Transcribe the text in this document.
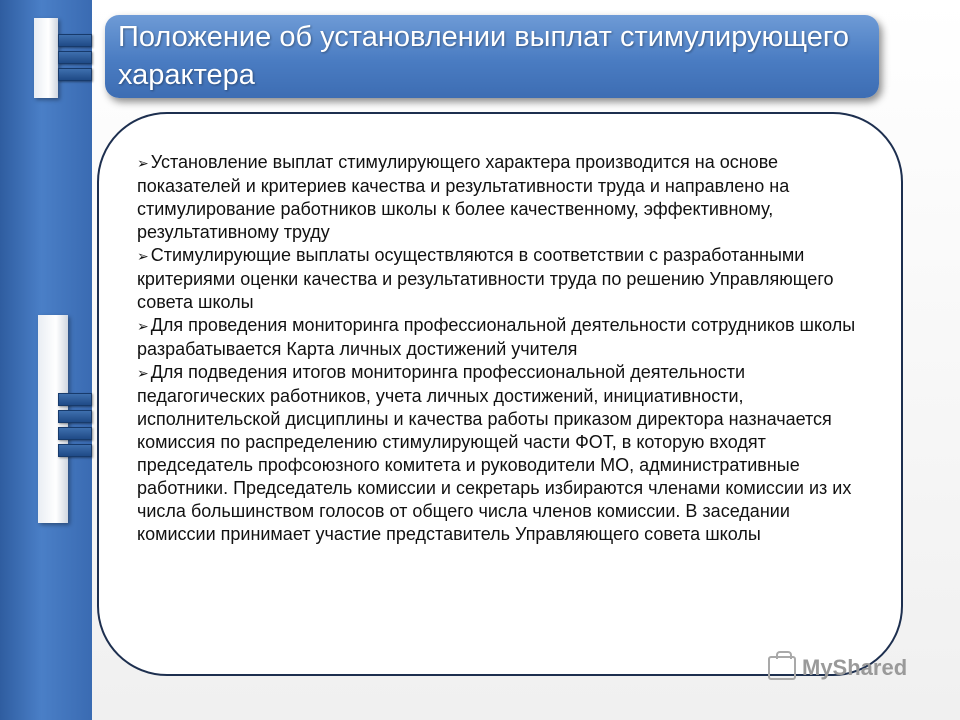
Положение об установлении выплат стимулирующего характера
➢ Установление выплат стимулирующего характера производится на основе показателей и критериев качества и результативности труда и направлено на стимулирование работников школы к более качественному, эффективному, результативному труду
➢ Стимулирующие выплаты осуществляются в соответствии с разработанными критериями оценки качества и результативности труда по решению Управляющего совета школы
➢ Для проведения мониторинга профессиональной деятельности сотрудников школы разрабатывается Карта личных достижений учителя
➢ Для подведения итогов мониторинга профессиональной деятельности педагогических работников, учета личных достижений, инициативности, исполнительской дисциплины и качества работы приказом директора назначается комиссия по распределению стимулирующей части ФОТ, в которую входят председатель профсоюзного комитета и руководители МО, административные работники. Председатель комиссии и секретарь избираются членами комиссии из их числа большинством голосов от общего числа членов комиссии. В заседании комиссии принимает участие представитель Управляющего совета школы
MyShared
